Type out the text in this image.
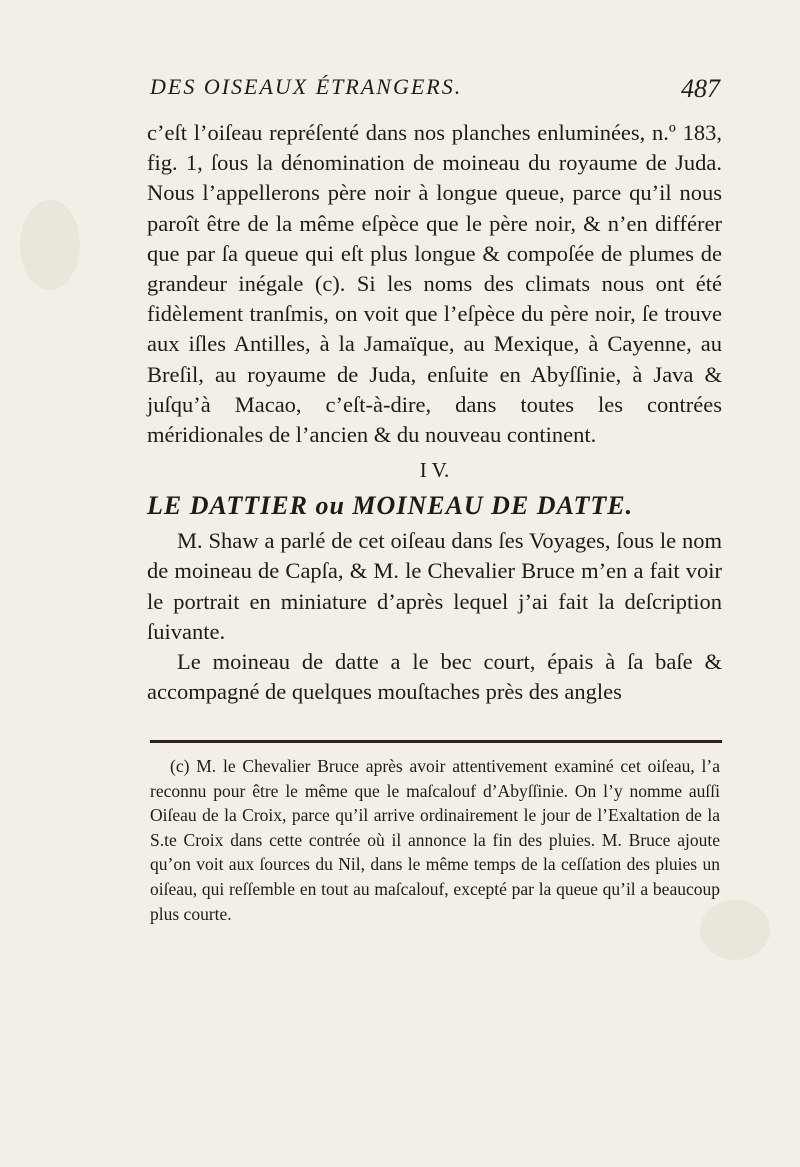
DES OISEAUX ÉTRANGERS.	487

c’eſt l’oiſeau repréſenté dans nos planches enluminées, n.º 183, fig. 1, ſous la dénomination de moineau du royaume de Juda. Nous l’appellerons père noir à longue queue, parce qu’il nous paroît être de la même eſpèce que le père noir, & n’en différer que par ſa queue qui eſt plus longue & compoſée de plumes de grandeur inégale (c). Si les noms des climats nous ont été fidèlement tranſmis, on voit que l’eſpèce du père noir, ſe trouve aux iſles Antilles, à la Jamaïque, au Mexique, à Cayenne, au Breſil, au royaume de Juda, enſuite en Abyſſinie, à Java & juſqu’à Macao, c’eſt-à-dire, dans toutes les contrées méridionales de l’ancien & du nouveau continent.

I V.
LE DATTIER ou MOINEAU DE DATTE.

M. Shaw a parlé de cet oiſeau dans ſes Voyages, ſous le nom de moineau de Capſa, & M. le Chevalier Bruce m’en a fait voir le portrait en miniature d’après lequel j’ai fait la deſcription ſuivante.

Le moineau de datte a le bec court, épais à ſa baſe & accompagné de quelques mouſtaches près des angles

(c) M. le Chevalier Bruce après avoir attentivement examiné cet oiſeau, l’a reconnu pour être le même que le maſcalouf d’Abyſſinie. On l’y nomme auſſi Oiſeau de la Croix, parce qu’il arrive ordinairement le jour de l’Exaltation de la S.te Croix dans cette contrée où il annonce la fin des pluies. M. Bruce ajoute qu’on voit aux ſources du Nil, dans le même temps de la ceſſation des pluies un oiſeau, qui reſſemble en tout au maſcalouf, excepté par la queue qu’il a beaucoup plus courte.
